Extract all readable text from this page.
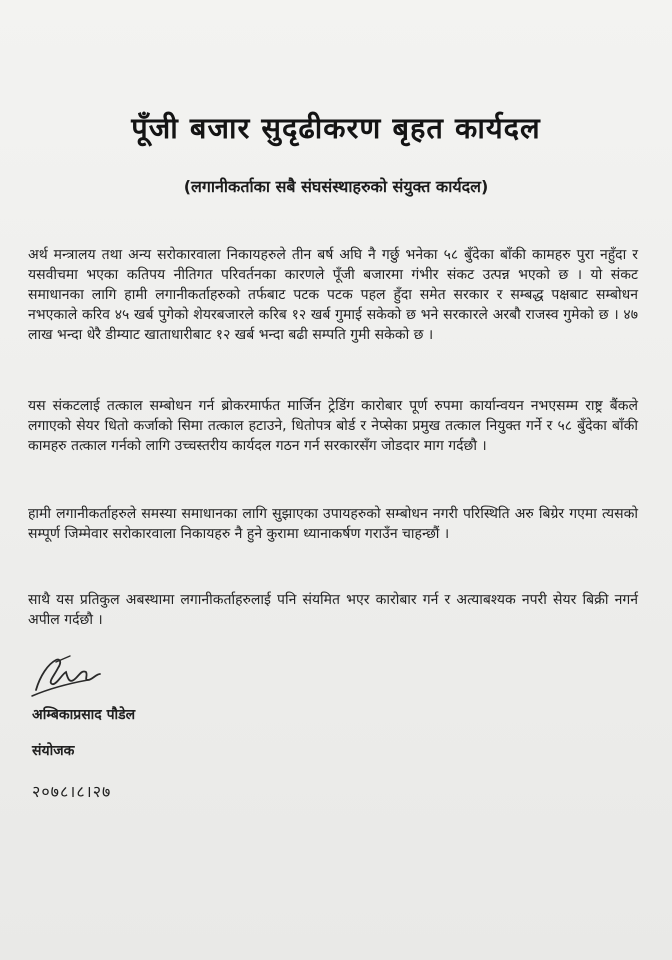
पूँजी बजार सुदृढीकरण बृहत कार्यदल
(लगानीकर्ताका सबै संघसंस्थाहरुको संयुक्त कार्यदल)
अर्थ मन्त्रालय तथा अन्य सरोकारवाला निकायहरुले तीन बर्ष अघि नै गर्छु भनेका ५८ बुँदेका बाँकी कामहरु पुरा नहुँदा र यसवीचमा भएका कतिपय नीतिगत परिवर्तनका कारणले पूँजी बजारमा गंभीर संकट उत्पन्न भएको छ । यो संकट समाधानका लागि हामी लगानीकर्ताहरुको तर्फबाट पटक पटक पहल हुँदा समेत सरकार र सम्बद्ध पक्षबाट सम्बोधन नभएकाले करिव ४५ खर्ब पुगेको शेयरबजारले करिब १२ खर्ब गुमाई सकेको छ भने सरकारले अरबौ राजस्व गुमेको छ । ४७ लाख भन्दा धेरै डीम्याट खाताधारीबाट १२ खर्ब भन्दा बढी सम्पति गुमी सकेको छ ।
यस संकटलाई तत्काल सम्बोधन गर्न ब्रोकरमार्फत मार्जिन ट्रेडिंग कारोबार पूर्ण रुपमा कार्यान्वयन नभएसम्म राष्ट्र बैंकले लगाएको सेयर धितो कर्जाको सिमा तत्काल हटाउने, धितोपत्र बोर्ड र नेप्सेका प्रमुख तत्काल नियुक्त गर्ने र ५८ बुँदेका बाँकी कामहरु तत्काल गर्नको लागि उच्चस्तरीय कार्यदल गठन गर्न सरकारसँग जोडदार माग गर्दछौ ।
हामी लगानीकर्ताहरुले समस्या समाधानका लागि सुझाएका उपायहरुको सम्बोधन नगरी परिस्थिति अरु बिग्रेर गएमा त्यसको सम्पूर्ण जिम्मेवार सरोकारवाला निकायहरु नै हुने कुरामा ध्यानाकर्षण गराउँन चाहन्छौं ।
साथै यस प्रतिकुल अबस्थामा लगानीकर्ताहरुलाई पनि संयमित भएर कारोबार गर्न र अत्याबश्यक नपरी सेयर बिक्री नगर्न अपील गर्दछौ ।
अम्बिकाप्रसाद पौडेल
संयोजक
२०७८।८।२७
